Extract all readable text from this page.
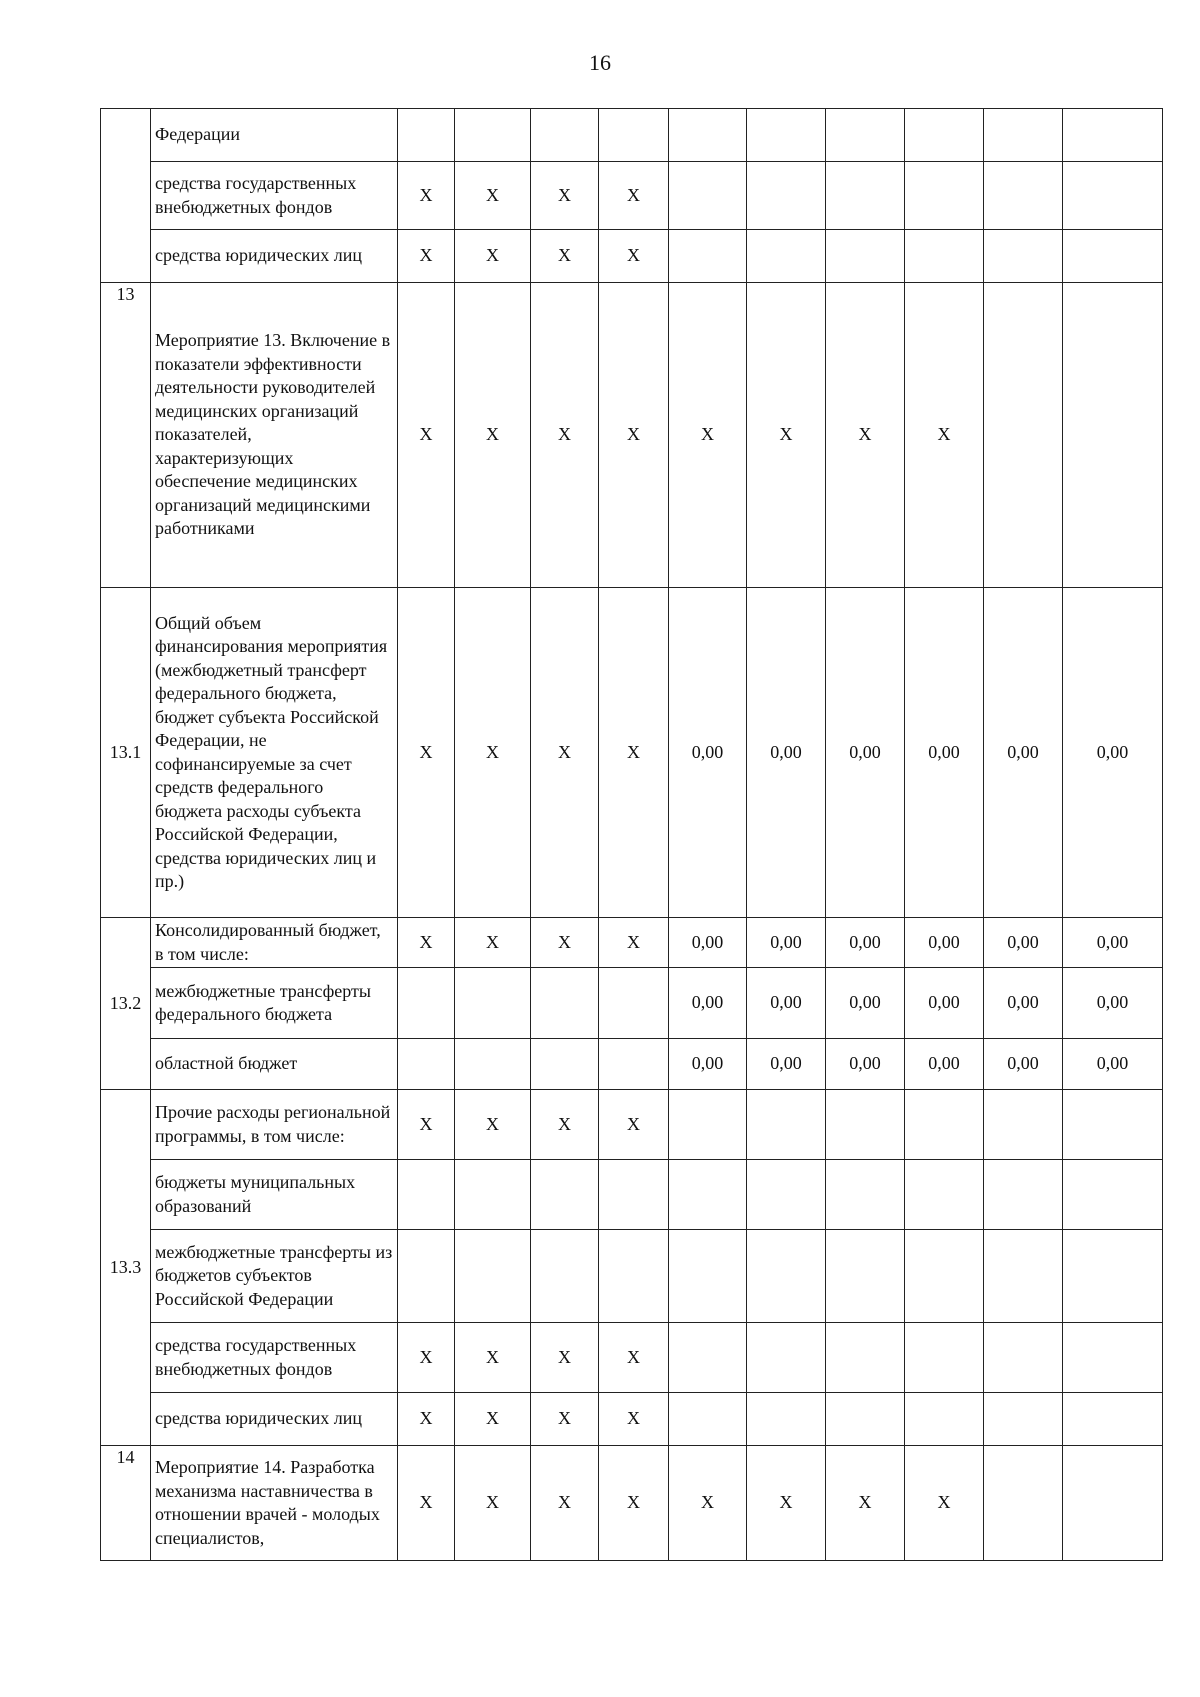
16
	Федерации										
	средства государственных внебюджетных фондов	X	X	X	X						
	средства юридических лиц	X	X	X	X						
13	Мероприятие 13. Включение в показатели эффективности деятельности руководителей медицинских организаций показателей, характеризующих обеспечение медицинских организаций медицинскими работниками	X	X	X	X	X	X	X	X		
13.1	Общий объем финансирования мероприятия (межбюджетный трансферт федерального бюджета, бюджет субъекта Российской Федерации, не софинансируемые за счет средств федерального бюджета расходы субъекта Российской Федерации, средства юридических лиц и пр.)	X	X	X	X	0,00	0,00	0,00	0,00	0,00	0,00
13.2	Консолидированный бюджет, в том числе:	X	X	X	X	0,00	0,00	0,00	0,00	0,00	0,00
	межбюджетные трансферты федерального бюджета					0,00	0,00	0,00	0,00	0,00	0,00
	областной бюджет					0,00	0,00	0,00	0,00	0,00	0,00
13.3	Прочие расходы региональной программы, в том числе:	X	X	X	X						
	бюджеты муниципальных образований										
	межбюджетные трансферты из бюджетов субъектов Российской Федерации										
	средства государственных внебюджетных фондов	X	X	X	X						
	средства юридических лиц	X	X	X	X						
14	Мероприятие 14. Разработка механизма наставничества в отношении врачей - молодых специалистов,	X	X	X	X	X	X	X	X		
